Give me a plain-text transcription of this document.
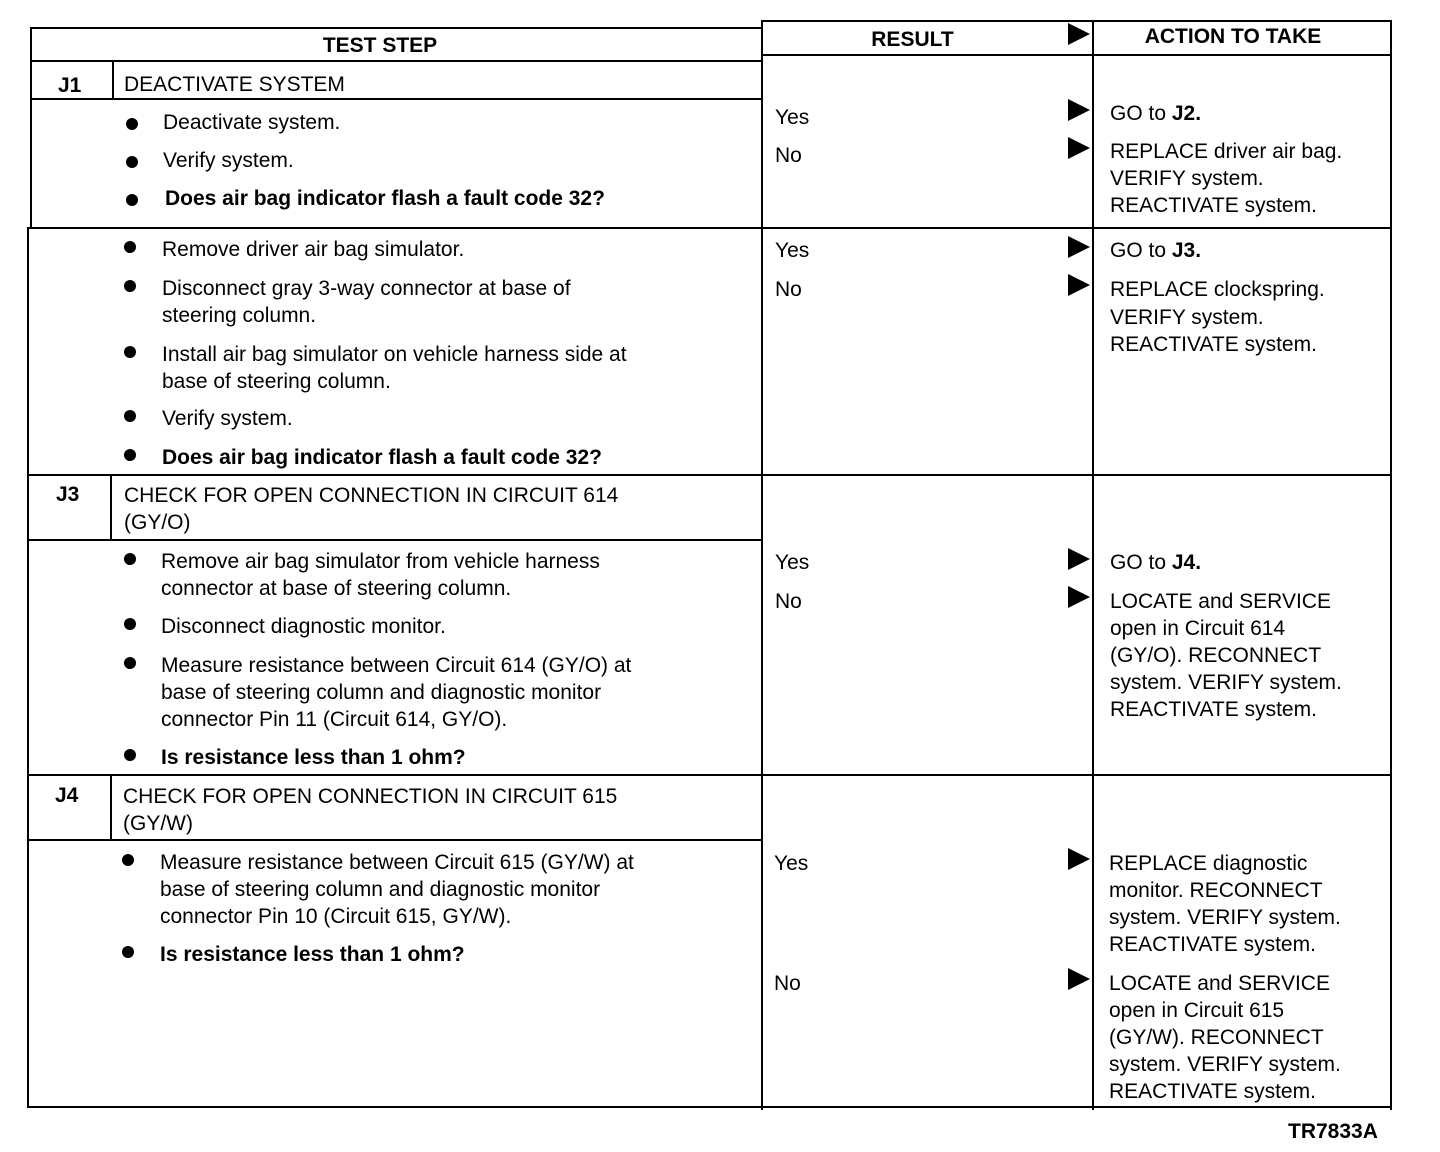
TEST STEP	RESULT	ACTION TO TAKE
J1 DEACTIVATE SYSTEM
Deactivate system.
Verify system.
Does air bag indicator flash a fault code 32?
Yes
No
GO to J2.
REPLACE driver air bag.
VERIFY system.
REACTIVATE system.
Remove driver air bag simulator.
Disconnect gray 3-way connector at base of
steering column.
Install air bag simulator on vehicle harness side at
base of steering column.
Verify system.
Does air bag indicator flash a fault code 32?
Yes
No
GO to J3.
REPLACE clockspring.
VERIFY system.
REACTIVATE system.
J3 CHECK FOR OPEN CONNECTION IN CIRCUIT 614
(GY/O)
Remove air bag simulator from vehicle harness
connector at base of steering column.
Disconnect diagnostic monitor.
Measure resistance between Circuit 614 (GY/O) at
base of steering column and diagnostic monitor
connector Pin 11 (Circuit 614, GY/O).
Is resistance less than 1 ohm?
Yes
No
GO to J4.
LOCATE and SERVICE
open in Circuit 614
(GY/O). RECONNECT
system. VERIFY system.
REACTIVATE system.
J4 CHECK FOR OPEN CONNECTION IN CIRCUIT 615
(GY/W)
Measure resistance between Circuit 615 (GY/W) at
base of steering column and diagnostic monitor
connector Pin 10 (Circuit 615, GY/W).
Is resistance less than 1 ohm?
Yes
No
REPLACE diagnostic
monitor. RECONNECT
system. VERIFY system.
REACTIVATE system.
LOCATE and SERVICE
open in Circuit 615
(GY/W). RECONNECT
system. VERIFY system.
REACTIVATE system.
TR7833A
